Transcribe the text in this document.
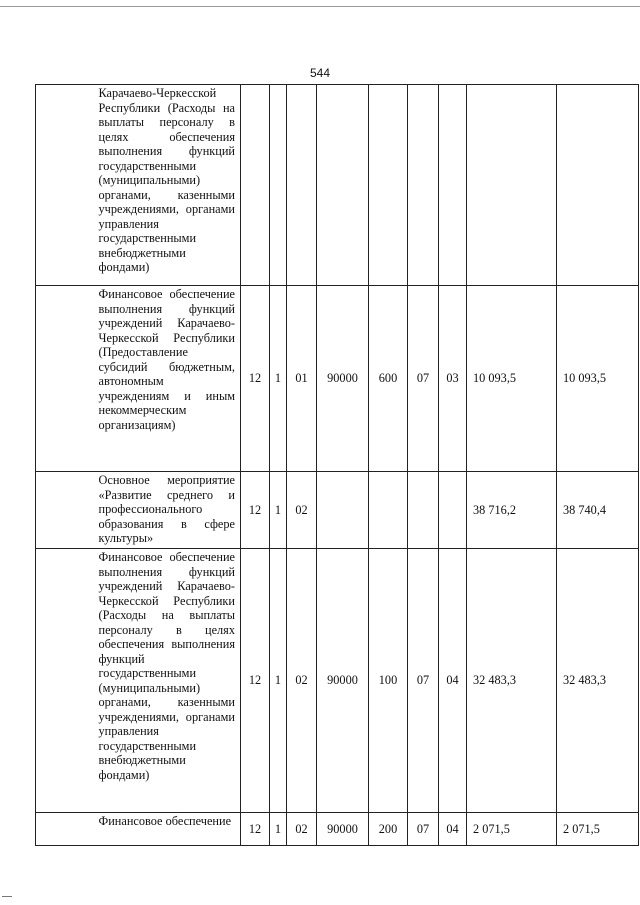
544
	Карачаево-Черкесской Республики (Расходы на выплаты персоналу в целях обеспечения выполнения функций государственными (муниципальными) органами, казенными учреждениями, органами управления государственными внебюджетными фондами)									
	Финансовое обеспечение выполнения функций учреждений Карачаево-Черкесской Республики (Предоставление субсидий бюджетным, автономным учреждениям и иным некоммерческим организациям)	12	1	01	90000	600	07	03	10 093,5	10 093,5
	Основное мероприятие «Развитие среднего и профессионального образования в сфере культуры»	12	1	02					38 716,2	38 740,4
	Финансовое обеспечение выполнения функций учреждений Карачаево-Черкесской Республики (Расходы на выплаты персоналу в целях обеспечения выполнения функций государственными (муниципальными) органами, казенными учреждениями, органами управления государственными внебюджетными фондами)	12	1	02	90000	100	07	04	32 483,3	32 483,3
	Финансовое обеспечение	12	1	02	90000	200	07	04	2 071,5	2 071,5
